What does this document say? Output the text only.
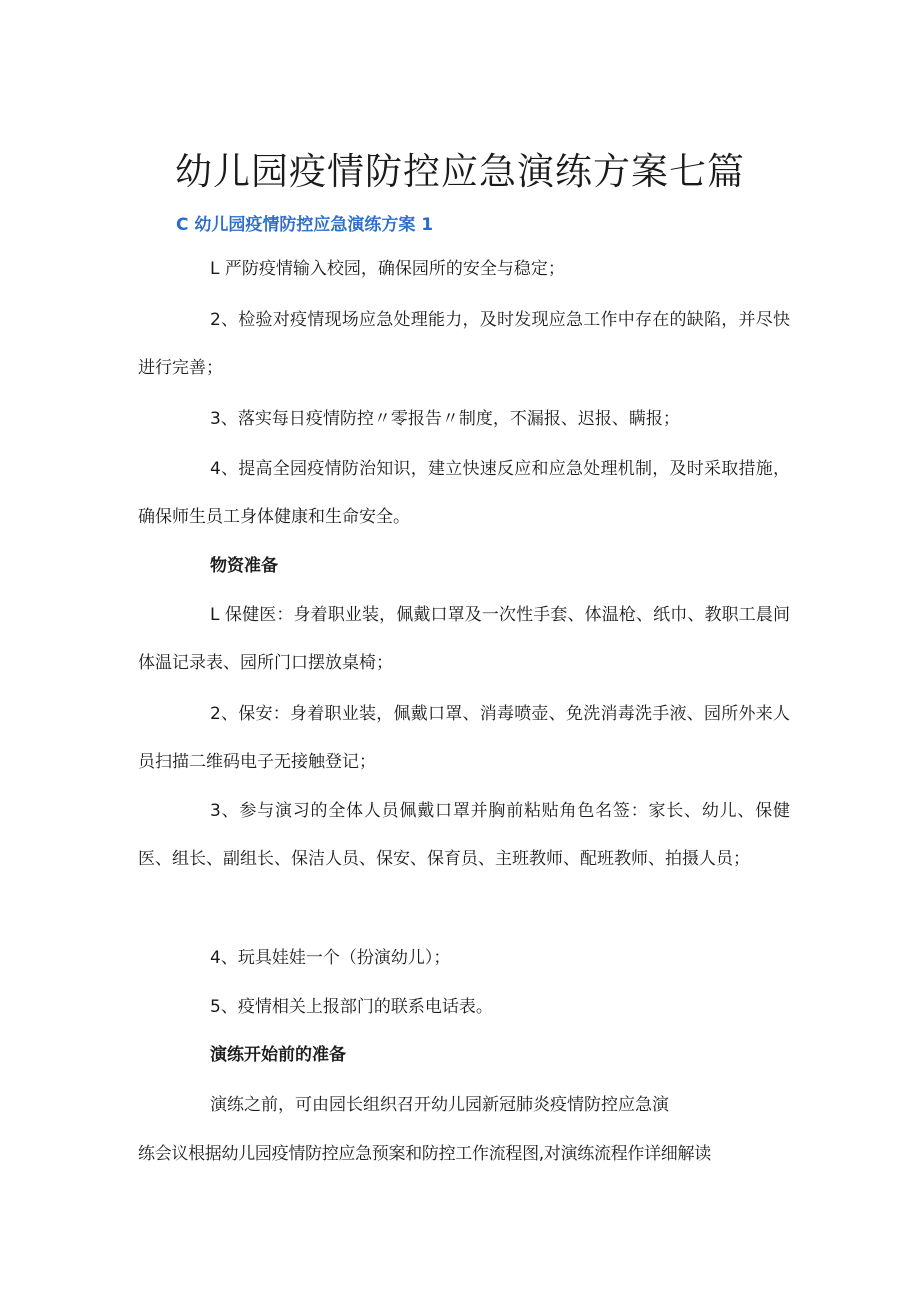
幼儿园疫情防控应急演练方案七篇

C 幼儿园疫情防控应急演练方案 1

L 严防疫情输入校园，确保园所的安全与稳定；

2、检验对疫情现场应急处理能力，及时发现应急工作中存在的缺陷，并尽快进行完善；

3、落实每日疫情防控〃零报告〃制度，不漏报、迟报、瞒报；

4、提高全园疫情防治知识，建立快速反应和应急处理机制，及时采取措施，确保师生员工身体健康和生命安全。

物资准备

L 保健医：身着职业装，佩戴口罩及一次性手套、体温枪、纸巾、教职工晨间体温记录表、园所门口摆放桌椅；

2、保安：身着职业装，佩戴口罩、消毒喷壶、免洗消毒洗手液、园所外来人员扫描二维码电子无接触登记；

3、参与演习的全体人员佩戴口罩并胸前粘贴角色名签：家长、幼儿、保健医、组长、副组长、保洁人员、保安、保育员、主班教师、配班教师、拍摄人员；

4、玩具娃娃一个（扮演幼儿）；

5、疫情相关上报部门的联系电话表。

演练开始前的准备

演练之前，可由园长组织召开幼儿园新冠肺炎疫情防控应急演

练会议根据幼儿园疫情防控应急预案和防控工作流程图,对演练流程作详细解读
